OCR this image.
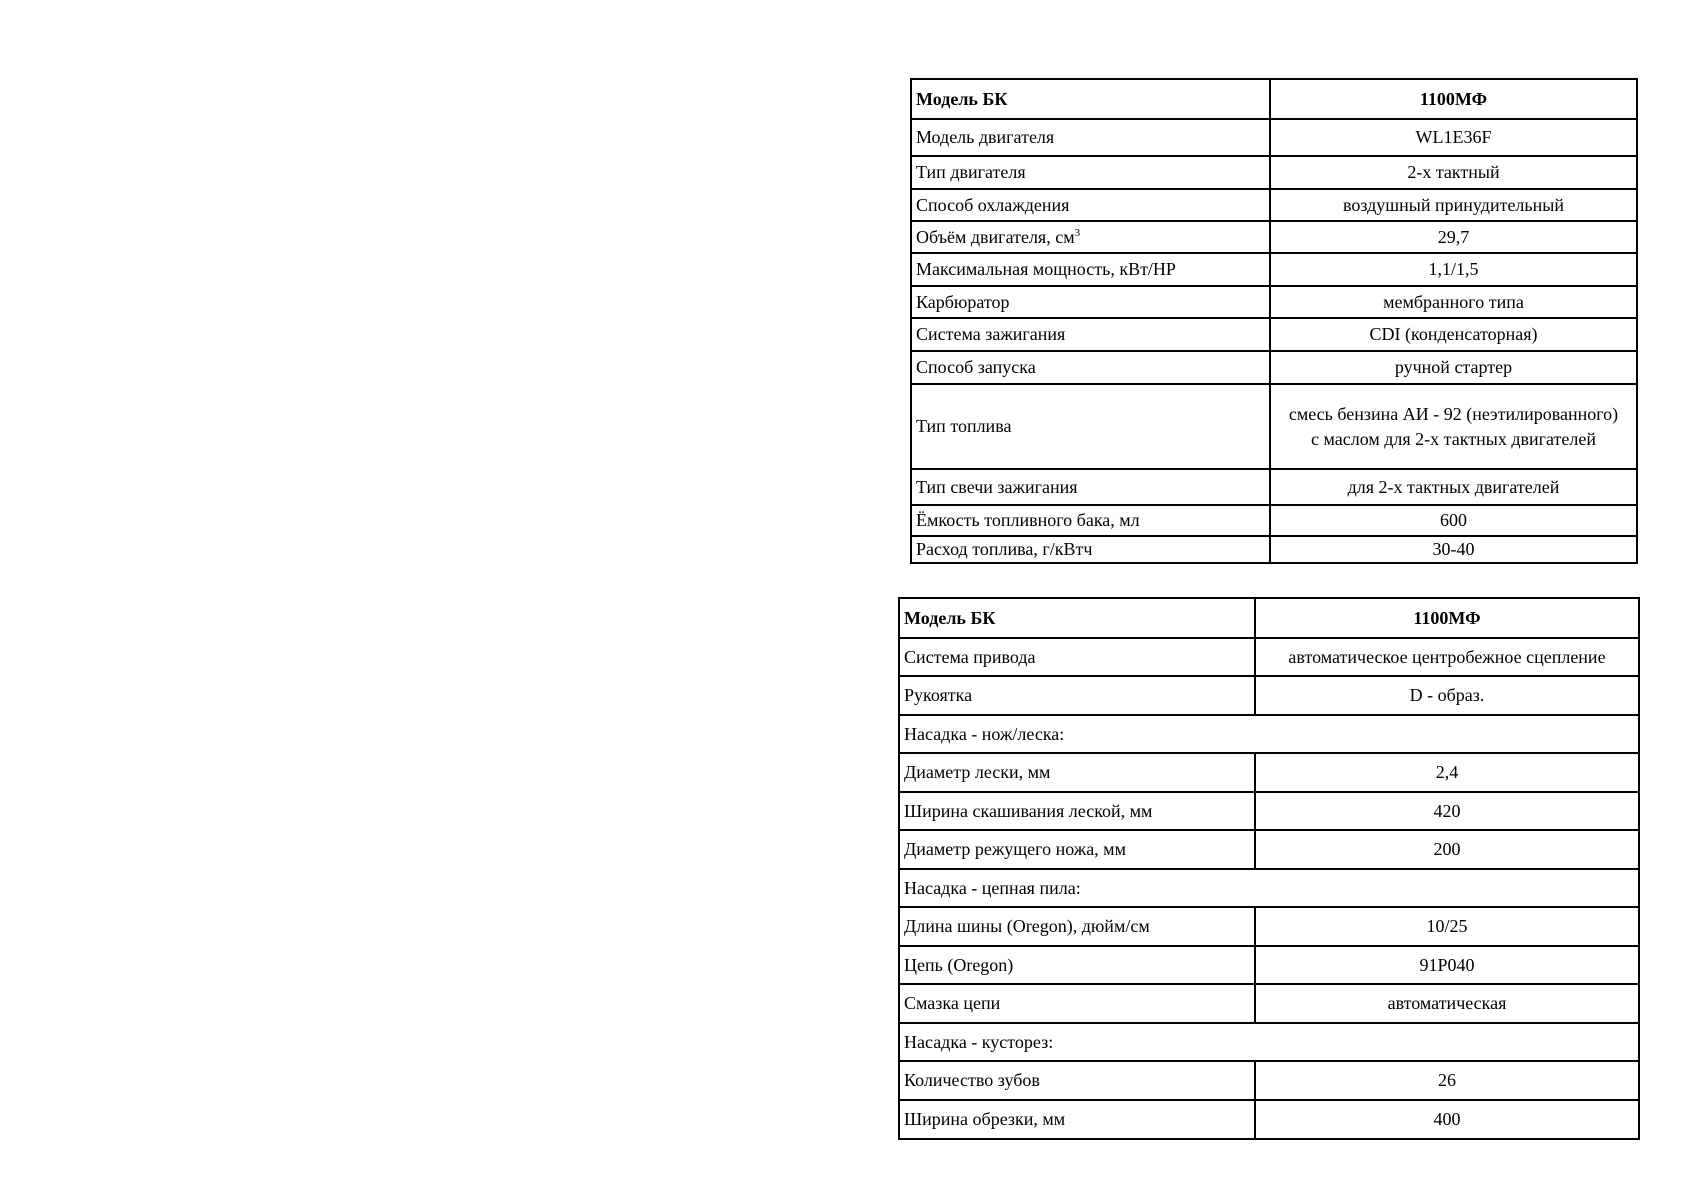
Модель БК	1100МФ
Модель двигателя	WL1E36F
Тип двигателя	2-х тактный
Способ охлаждения	воздушный принудительный
Объём двигателя, $см^3$	29,7
Максимальная мощность, кВт/HP	1,1/1,5
Карбюратор	мембранного типа
Система зажигания	CDI (конденсаторная)
Способ запуска	ручной стартер
Тип топлива	смесь бензина АИ - 92 (неэтилированного)
с маслом для 2-х тактных двигателей

Тип свечи зажигания	для 2-х тактных двигателей
Ёмкость топливного бака, мл	600
Расход топлива, г/кВтч	30-40
Модель БК	1100МФ
Система привода	автоматическое центробежное сцепление
Рукоятка	D - образ.
Насадка - нож/леска:	
Диаметр лески, мм	2,4
Ширина скашивания леской, мм	420
Диаметр режущего ножа, мм	200
Насадка - цепная пила:	
Длина шины (Oregon), дюйм/см	10/25
Цепь (Oregon)	91P040
Смазка цепи	автоматическая
Насадка - кусторез:	
Количество зубов	26
Ширина обрезки, мм	400
